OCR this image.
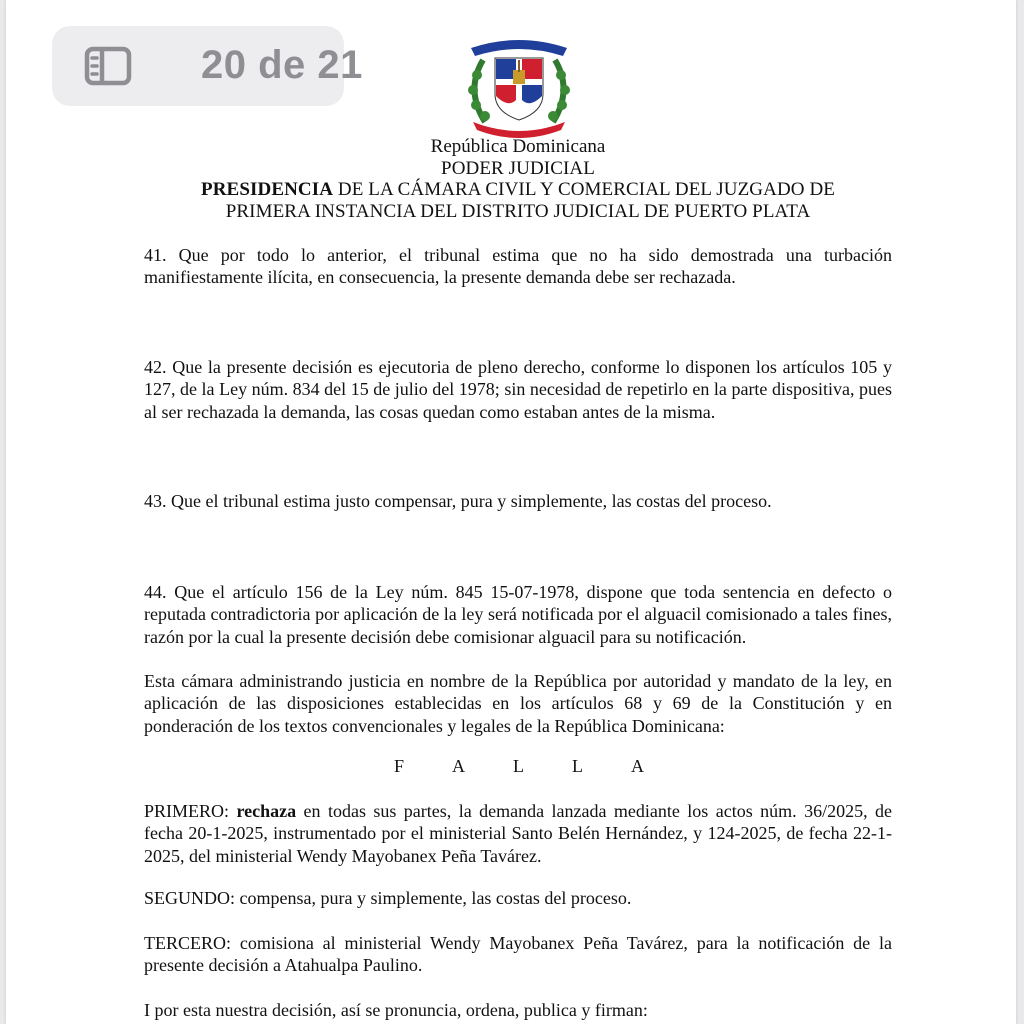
República Dominicana
PODER JUDICIAL
PRESIDENCIA DE LA CÁMARA CIVIL Y COMERCIAL DEL JUZGADO DE
PRIMERA INSTANCIA DEL DISTRITO JUDICIAL DE PUERTO PLATA

41. Que por todo lo anterior, el tribunal estima que no ha sido demostrada una turbación manifiestamente ilícita, en consecuencia, la presente demanda debe ser rechazada.

42. Que la presente decisión es ejecutoria de pleno derecho, conforme lo disponen los artículos 105 y 127, de la Ley núm. 834 del 15 de julio del 1978; sin necesidad de repetirlo en la parte dispositiva, pues al ser rechazada la demanda, las cosas quedan como estaban antes de la misma.

43. Que el tribunal estima justo compensar, pura y simplemente, las costas del proceso.

44. Que el artículo 156 de la Ley núm. 845 15-07-1978, dispone que toda sentencia en defecto o reputada contradictoria por aplicación de la ley será notificada por el alguacil comisionado a tales fines, razón por la cual la presente decisión debe comisionar alguacil para su notificación.

Esta cámara administrando justicia en nombre de la República por autoridad y mandato de la ley, en aplicación de las disposiciones establecidas en los artículos 68 y 69 de la Constitución y en ponderación de los textos convencionales y legales de la República Dominicana:

F	A	L	L	A

PRIMERO: rechaza en todas sus partes, la demanda lanzada mediante los actos núm. 36/2025, de fecha 20-1-2025, instrumentado por el ministerial Santo Belén Hernández, y 124-2025, de fecha 22-1-2025, del ministerial Wendy Mayobanex Peña Tavárez.

SEGUNDO: compensa, pura y simplemente, las costas del proceso.

TERCERO: comisiona al ministerial Wendy Mayobanex Peña Tavárez, para la notificación de la presente decisión a Atahualpa Paulino.

I por esta nuestra decisión, así se pronuncia, ordena, publica y firman:

20 de 21
